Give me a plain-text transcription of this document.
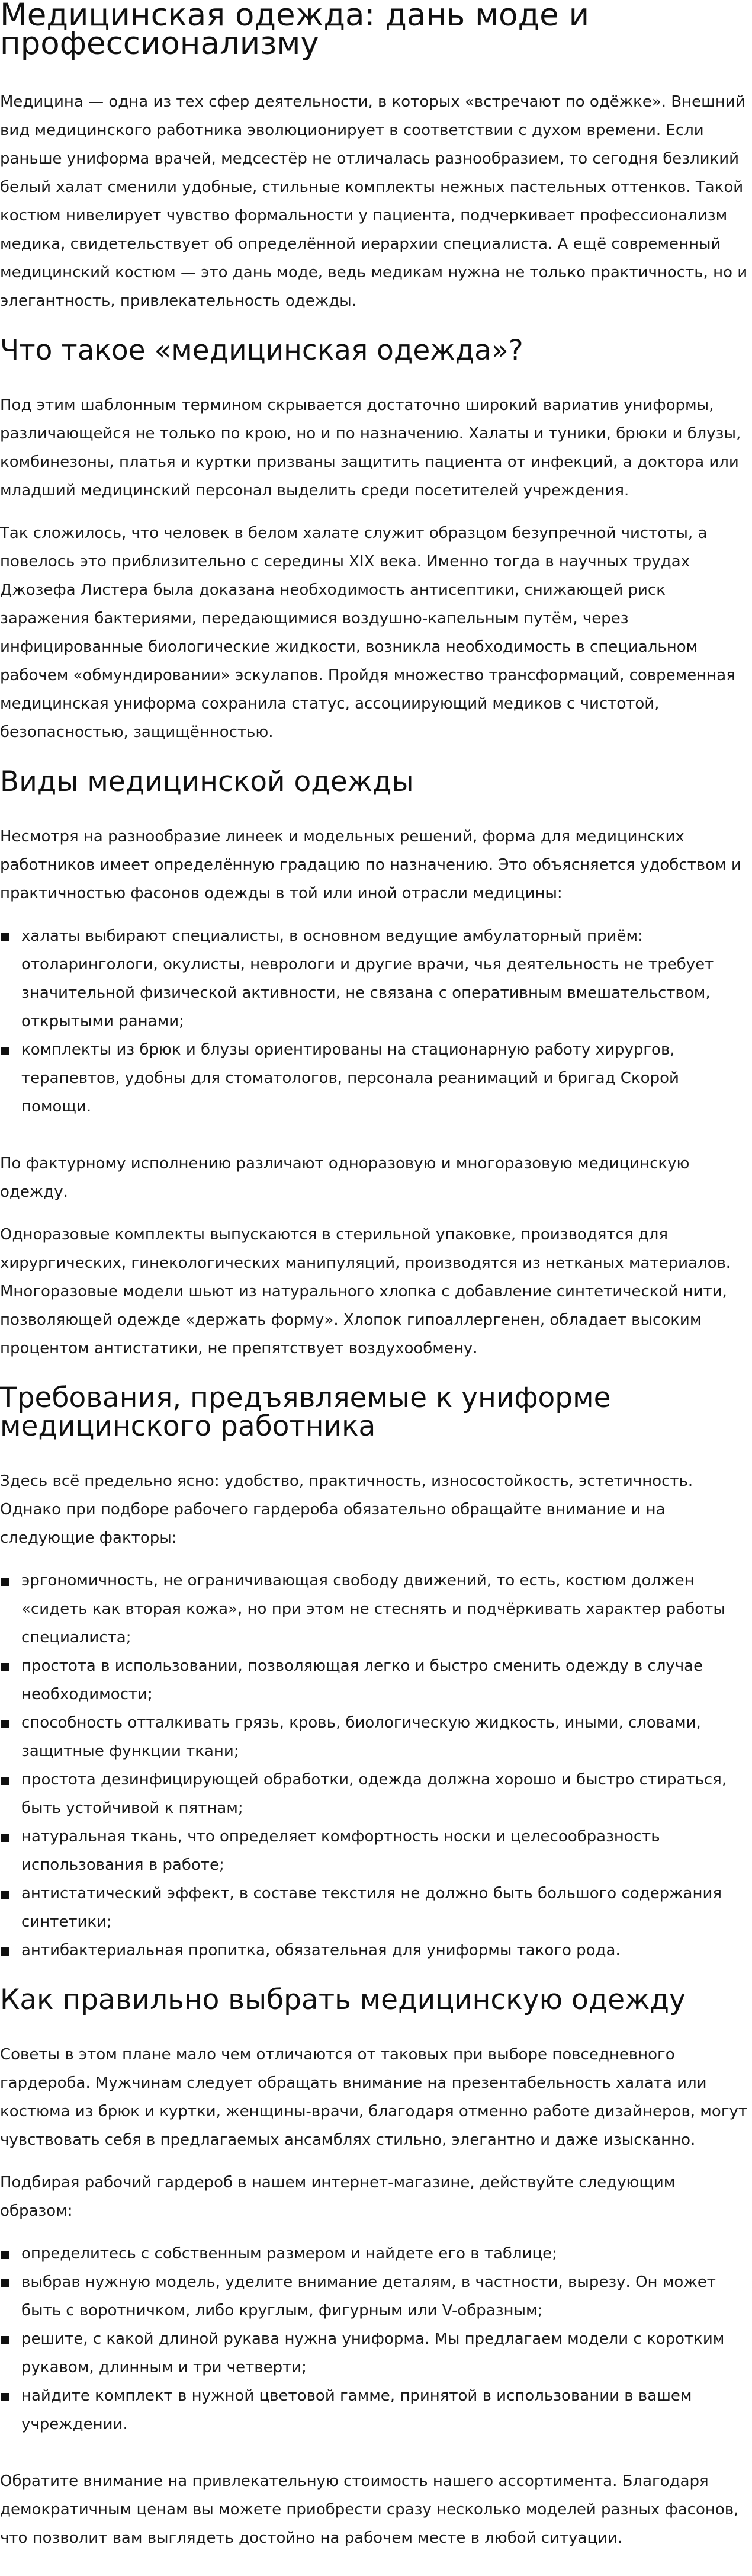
Медицинская одежда: дань моде и профессионализму

Медицина — одна из тех сфер деятельности, в которых «встречают по одёжке». Внешний вид медицинского работника эволюционирует в соответствии с духом времени. Если раньше униформа врачей, медсестёр не отличалась разнообразием, то сегодня безликий белый халат сменили удобные, стильные комплекты нежных пастельных оттенков. Такой костюм нивелирует чувство формальности у пациента, подчеркивает профессионализм медика, свидетельствует об определённой иерархии специалиста. А ещё современный медицинский костюм — это дань моде, ведь медикам нужна не только практичность, но и элегантность, привлекательность одежды.

Что такое «медицинская одежда»?

Под этим шаблонным термином скрывается достаточно широкий вариатив униформы, различающейся не только по крою, но и по назначению. Халаты и туники, брюки и блузы, комбинезоны, платья и куртки призваны защитить пациента от инфекций, а доктора или младший медицинский персонал выделить среди посетителей учреждения.

Так сложилось, что человек в белом халате служит образцом безупречной чистоты, а повелось это приблизительно с середины XIX века. Именно тогда в научных трудах Джозефа Листера была доказана необходимость антисептики, снижающей риск заражения бактериями, передающимися воздушно-капельным путём, через инфицированные биологические жидкости, возникла необходимость в специальном рабочем «обмундировании» эскулапов. Пройдя множество трансформаций, современная медицинская униформа сохранила статус, ассоциирующий медиков с чистотой, безопасностью, защищённостью.

Виды медицинской одежды

Несмотря на разнообразие линеек и модельных решений, форма для медицинских работников имеет определённую градацию по назначению. Это объясняется удобством и практичностью фасонов одежды в той или иной отрасли медицины:

халаты выбирают специалисты, в основном ведущие амбулаторный приём: отоларингологи, окулисты, неврологи и другие врачи, чья деятельность не требует значительной физической активности, не связана с оперативным вмешательством, открытыми ранами;
комплекты из брюк и блузы ориентированы на стационарную работу хирургов, терапевтов, удобны для стоматологов, персонала реанимаций и бригад Скорой помощи.

По фактурному исполнению различают одноразовую и многоразовую медицинскую одежду.

Одноразовые комплекты выпускаются в стерильной упаковке, производятся для хирургических, гинекологических манипуляций, производятся из нетканых материалов. Многоразовые модели шьют из натурального хлопка с добавление синтетической нити, позволяющей одежде «держать форму». Хлопок гипоаллергенен, обладает высоким процентом антистатики, не препятствует воздухообмену.

Требования, предъявляемые к униформе медицинского работника

Здесь всё предельно ясно: удобство, практичность, износостойкость, эстетичность. Однако при подборе рабочего гардероба обязательно обращайте внимание и на следующие факторы:

эргономичность, не ограничивающая свободу движений, то есть, костюм должен «сидеть как вторая кожа», но при этом не стеснять и подчёркивать характер работы специалиста;
простота в использовании, позволяющая легко и быстро сменить одежду в случае необходимости;
способность отталкивать грязь, кровь, биологическую жидкость, иными, словами, защитные функции ткани;
простота дезинфицирующей обработки, одежда должна хорошо и быстро стираться, быть устойчивой к пятнам;
натуральная ткань, что определяет комфортность носки и целесообразность использования в работе;
антистатический эффект, в составе текстиля не должно быть большого содержания синтетики;
антибактериальная пропитка, обязательная для униформы такого рода.
Как правильно выбрать медицинскую одежду

Советы в этом плане мало чем отличаются от таковых при выборе повседневного гардероба. Мужчинам следует обращать внимание на презентабельность халата или костюма из брюк и куртки, женщины-врачи, благодаря отменно работе дизайнеров, могут чувствовать себя в предлагаемых ансамблях стильно, элегантно и даже изысканно.

Подбирая рабочий гардероб в нашем интернет-магазине, действуйте следующим образом:

определитесь с собственным размером и найдете его в таблице;
выбрав нужную модель, уделите внимание деталям, в частности, вырезу. Он может быть с воротничком, либо круглым, фигурным или V-образным;
решите, с какой длиной рукава нужна униформа. Мы предлагаем модели с коротким рукавом, длинным и три четверти;
найдите комплект в нужной цветовой гамме, принятой в использовании в вашем учреждении.

Обратите внимание на привлекательную стоимость нашего ассортимента. Благодаря демократичным ценам вы можете приобрести сразу несколько моделей разных фасонов, что позволит вам выглядеть достойно на рабочем месте в любой ситуации.
